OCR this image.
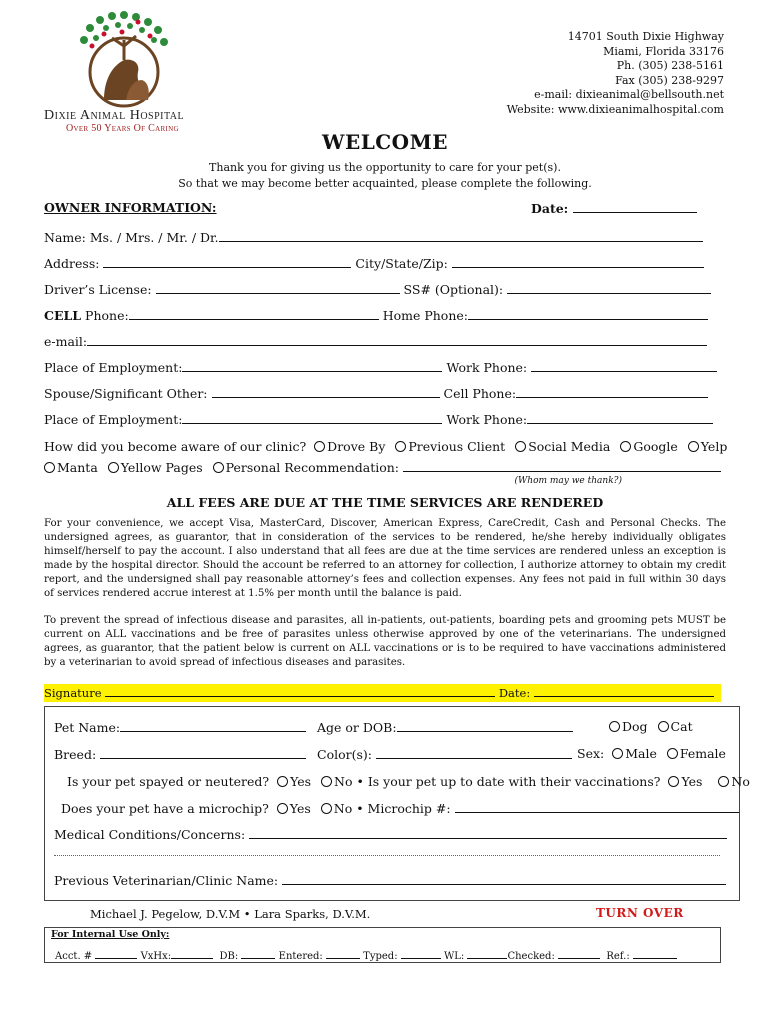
Dixie Animal Hospital
Over 50 Years Of Caring
14701 South Dixie Highway
Miami, Florida 33176
Ph. (305) 238-5161
Fax (305) 238-9297
e-mail: dixieanimal@bellsouth.net
Website: www.dixieanimalhospital.com
WELCOME
Thank you for giving us the opportunity to care for your pet(s).
So that we may become better acquainted, please complete the following.
OWNER INFORMATION:	Date:
Name: Ms. / Mrs. / Mr. / Dr.
Address:	City/State/Zip:
Driver’s License:	SS# (Optional):
CELL Phone:	Home Phone:
e-mail:
Place of Employment:	Work Phone:
Spouse/Significant Other:	Cell Phone:
Place of Employment:	Work Phone:
How did you become aware of our clinic? Drove By Previous Client Social Media Google Yelp
Manta Yellow Pages Personal Recommendation:
(Whom may we thank?)
ALL FEES ARE DUE AT THE TIME SERVICES ARE RENDERED
For your convenience, we accept Visa, MasterCard, Discover, American Express, CareCredit, Cash and Personal Checks. The undersigned agrees, as guarantor, that in consideration of the services to be rendered, he/she hereby individually obligates himself/herself to pay the account. I also understand that all fees are due at the time services are rendered unless an exception is made by the hospital director. Should the account be referred to an attorney for collection, I authorize attorney to obtain my credit report, and the undersigned shall pay reasonable attorney’s fees and collection expenses. Any fees not paid in full within 30 days of services rendered accrue interest at 1.5% per month until the balance is paid.
To prevent the spread of infectious disease and parasites, all in-patients, out-patients, boarding pets and grooming pets MUST be current on ALL vaccinations and be free of parasites unless otherwise approved by one of the veterinarians. The undersigned agrees, as guarantor, that the patient below is current on ALL vaccinations or is to be required to have vaccinations administered by a veterinarian to avoid spread of infectious diseases and parasites.
Signature	Date:
Pet Name:	Age or DOB:	Dog Cat
Breed:	Color(s):	Sex: Male Female
Is your pet spayed or neutered? Yes No • Is your pet up to date with their vaccinations? Yes No
Does your pet have a microchip? Yes No • Microchip #:
Medical Conditions/Concerns:
Previous Veterinarian/Clinic Name:
Michael J. Pegelow, D.V.M • Lara Sparks, D.V.M.	TURN OVER
For Internal Use Only:
Acct. #	VxHx:	DB:	Entered:	Typed:	WL:	Checked:	Ref.:
